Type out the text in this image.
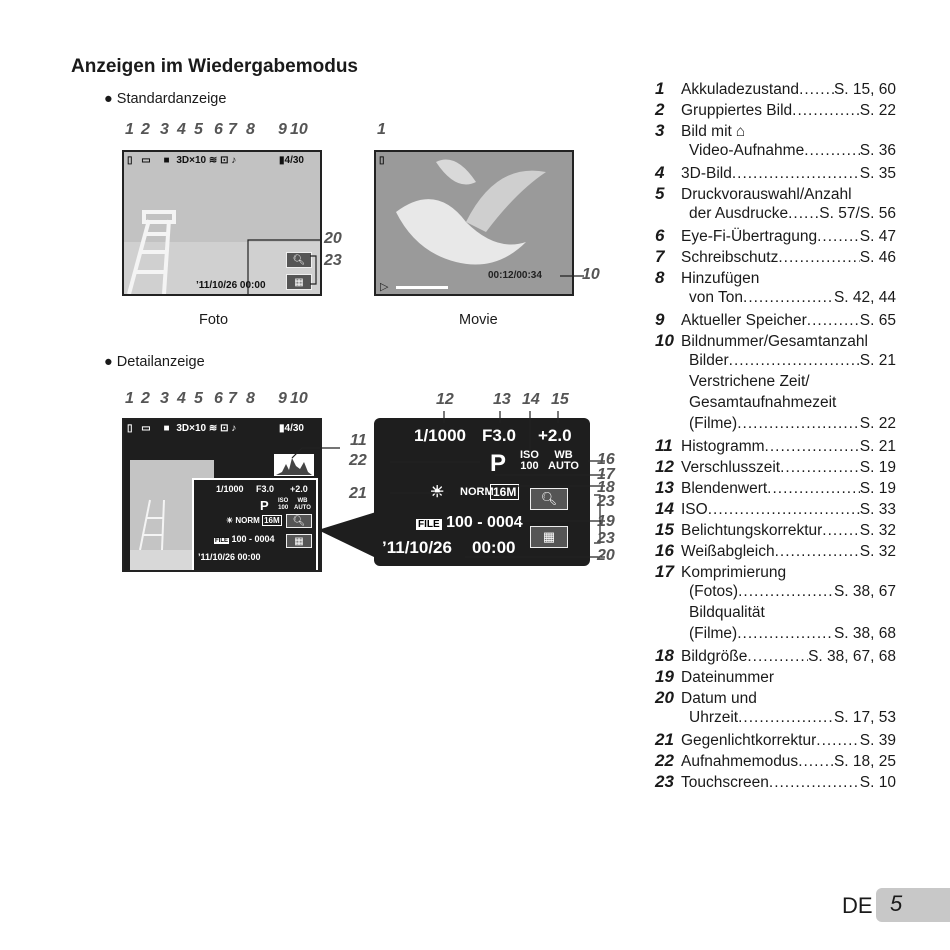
Anzeigen im Wiedergabemodus
● Standardanzeige
1 2 3 4 5 6 7 8 9 10
▯ ▭ ■ 3D×10 ≋ ⊡ ♪	▮4/30
’11/10/26 00:00
🔍︎
▦
20
23
Foto
1
▯
00:12/00:34
▷
10
Movie
● Detailanzeige
1 2 3 4 5 6 7 8 9 10
▯ ▭ ■ 3D×10 ≋ ⊡ ♪	▮4/30
1/1000 F3.0 +2.0
P ISO
100
WB
AUTO
☀ NORM 16M 🔍︎
FILE 100 - 0004 ▦
’11/10/26 00:00
11
12 13 14 15
1/1000 F3.0 +2.0
P ISO
100
WB
AUTO
☀ NORM 16M 🔍︎
FILE 100 - 0004
▦
’11/10/26 00:00
22
21
16
17
18
23
19
23
20
1	Akkuladezustand ..... S. 15, 60
2	Gruppiertes Bild .....	S. 22
3	Bild mit ⌂
Video-Aufnahme .....	S. 36
4	3D-Bild .....	S. 35
5	Druckvorauswahl/Anzahl
der Ausdrucke ..... S. 57/S. 56
6	Eye-Fi-Übertragung .....	S. 47
7	Schreibschutz .....	S. 46
8	Hinzufügen
von Ton .....	S. 42, 44
9	Aktueller Speicher .....	S. 65
10 Bildnummer/Gesamtanzahl
Bilder .....	S. 21
Verstrichene Zeit/
Gesamtaufnahmezeit
(Filme) .....	S. 22
11 Histogramm .....	S. 21
12 Verschlusszeit .....	S. 19
13 Blendenwert .....	S. 19
14 ISO .....	S. 33
15 Belichtungskorrektur ..... S. 32
16 Weißabgleich .....	S. 32
17 Komprimierung
(Fotos) .....	S. 38, 67
Bildqualität
(Filme) .....	S. 38, 68
18 Bildgröße .....	S. 38, 67, 68
19 Dateinummer
20 Datum und
Uhrzeit .....	S. 17, 53
21 Gegenlichtkorrektur .....	S. 39
22 Aufnahmemodus ..... S. 18, 25
23 Touchscreen .....	S. 10
DE 5
